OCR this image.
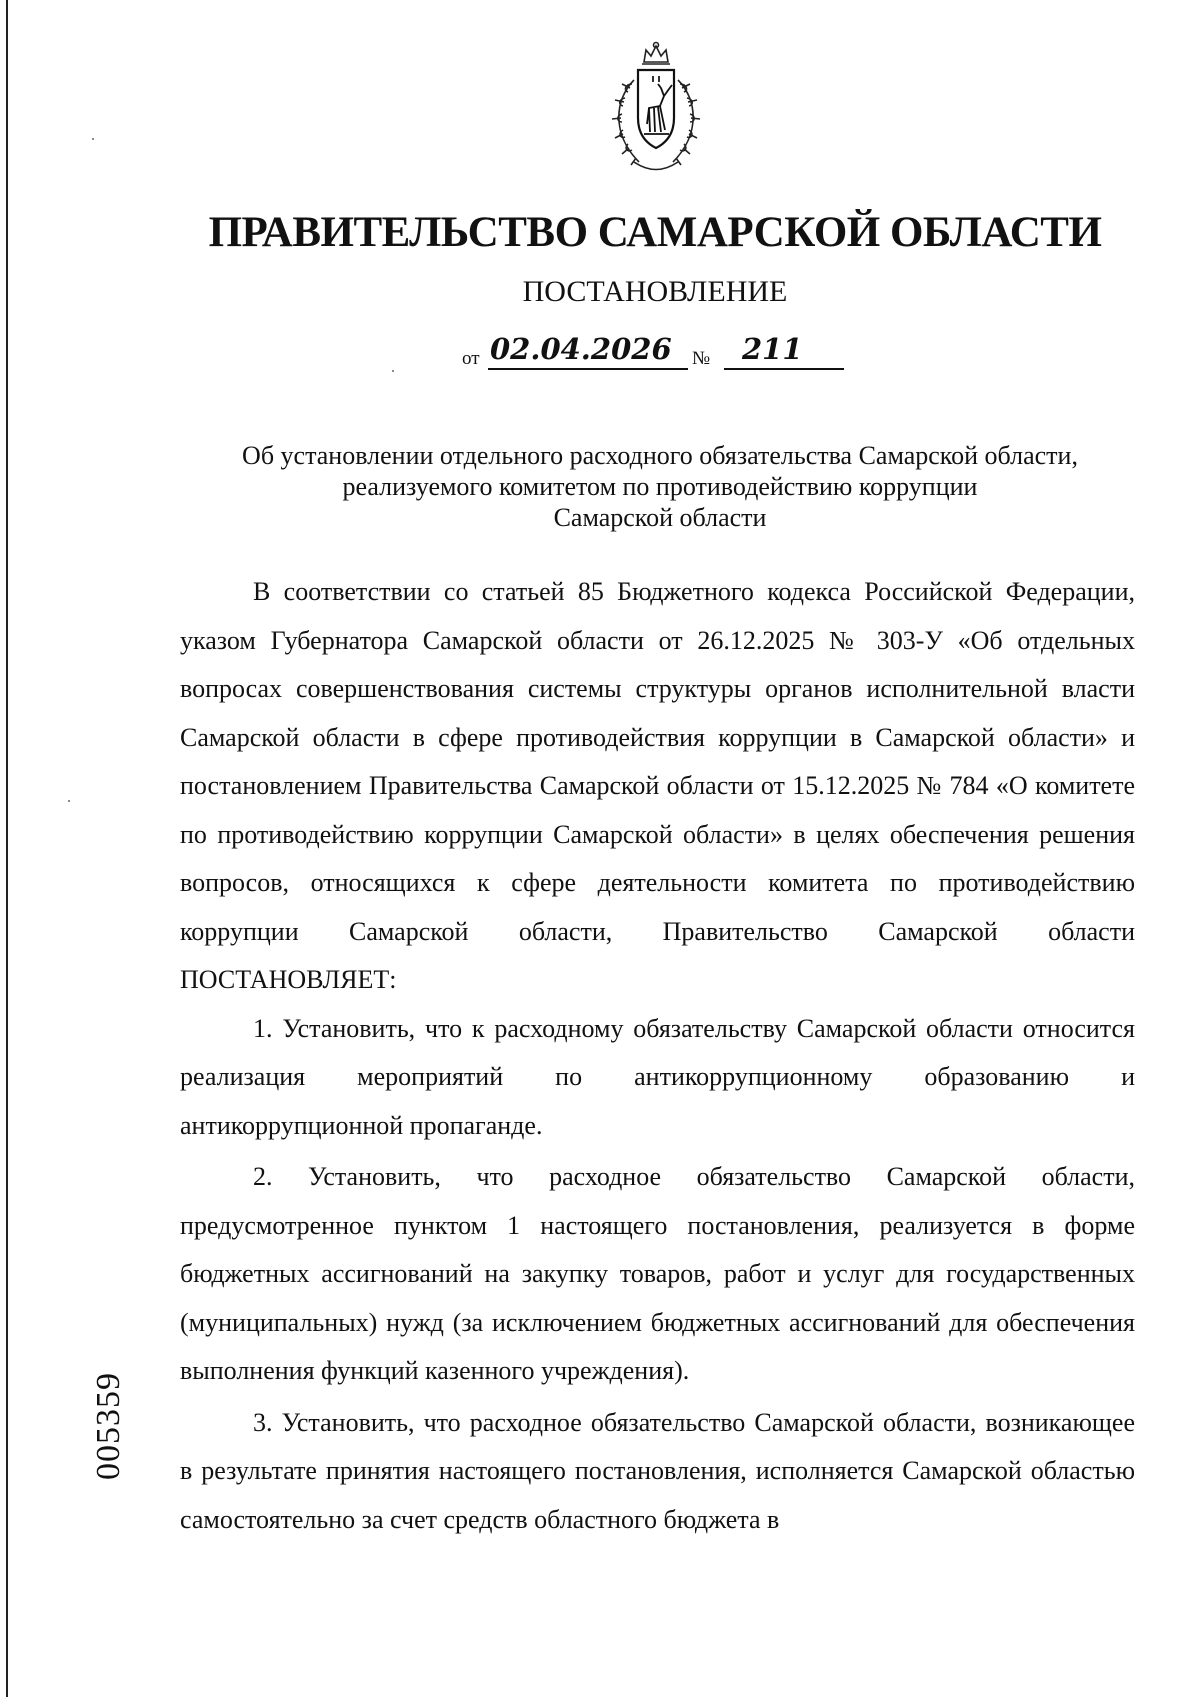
ПРАВИТЕЛЬСТВО САМАРСКОЙ ОБЛАСТИ
ПОСТАНОВЛЕНИЕ
от 02.04.2026 № 211
Об установлении отдельного расходного обязательства Самарской области,
реализуемого комитетом по противодействию коррупции
Самарской области

В соответствии со статьей 85 Бюджетного кодекса Российской Федерации, указом Губернатора Самарской области от 26.12.2025 № 303-У «Об отдельных вопросах совершенствования системы структуры органов исполнительной власти Самарской области в сфере противодействия коррупции в Самарской области» и постановлением Правительства Самарской области от 15.12.2025 № 784 «О комитете по противодействию коррупции Самарской области» в целях обеспечения решения вопросов, относящихся к сфере деятельности комитета по противодействию коррупции Самарской области, Правительство Самарской области ПОСТАНОВЛЯЕТ:

1. Установить, что к расходному обязательству Самарской области относится реализация мероприятий по антикоррупционному образованию и антикоррупционной пропаганде.

2. Установить, что расходное обязательство Самарской области, предусмотренное пунктом 1 настоящего постановления, реализуется в форме бюджетных ассигнований на закупку товаров, работ и услуг для государственных (муниципальных) нужд (за исключением бюджетных ассигнований для обеспечения выполнения функций казенного учреждения).

3. Установить, что расходное обязательство Самарской области, возникающее в результате принятия настоящего постановления, исполняется Самарской областью самостоятельно за счет средств областного бюджета в

005359
